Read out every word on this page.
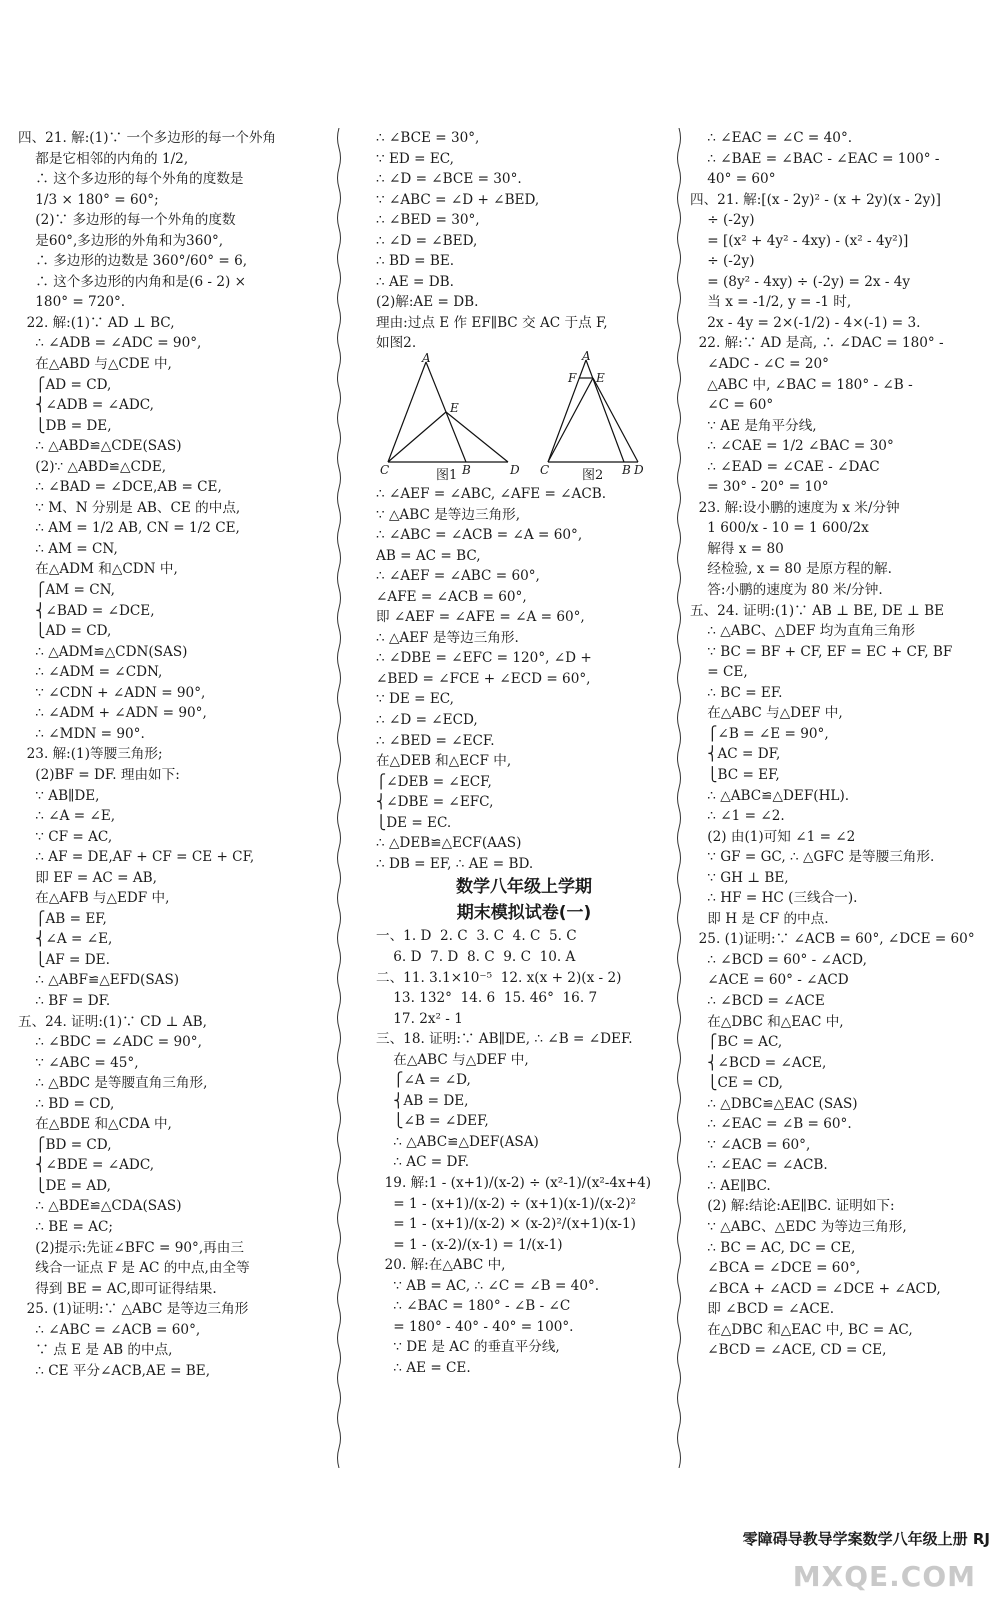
四、21. 解:(1)∵ 一个多边形的每一个外角
都是它相邻的内角的 1/2,
∴ 这个多边形的每个外角的度数是
1/3 × 180° = 60°;
(2)∵ 多边形的每一个外角的度数
是60°,多边形的外角和为360°,
∴ 多边形的边数是 360°/60° = 6,
∴ 这个多边形的内角和是(6 - 2) ×
180° = 720°.
22. 解:(1)∵ AD ⊥ BC,
∴ ∠ADB = ∠ADC = 90°,
在△ABD 与△CDE 中,
⎧AD = CD,
⎨∠ADB = ∠ADC,
⎩DB = DE,
∴ △ABD≌△CDE(SAS)
(2)∵ △ABD≌△CDE,
∴ ∠BAD = ∠DCE,AB = CE,
∵ M、N 分别是 AB、CE 的中点,
∴ AM = 1/2 AB, CN = 1/2 CE,
∴ AM = CN,
在△ADM 和△CDN 中,
⎧AM = CN,
⎨∠BAD = ∠DCE,
⎩AD = CD,
∴ △ADM≌△CDN(SAS)
∴ ∠ADM = ∠CDN,
∵ ∠CDN + ∠ADN = 90°,
∴ ∠ADM + ∠ADN = 90°,
∴ ∠MDN = 90°.
23. 解:(1)等腰三角形;
(2)BF = DF. 理由如下:
∵ AB∥DE,
∴ ∠A = ∠E,
∵ CF = AC,
∴ AF = DE,AF + CF = CE + CF,
即 EF = AC = AB,
在△AFB 与△EDF 中,
⎧AB = EF,
⎨∠A = ∠E,
⎩AF = DE.
∴ △ABF≌△EFD(SAS)
∴ BF = DF.
五、24. 证明:(1)∵ CD ⊥ AB,
∴ ∠BDC = ∠ADC = 90°,
∵ ∠ABC = 45°,
∴ △BDC 是等腰直角三角形,
∴ BD = CD,
在△BDE 和△CDA 中,
⎧BD = CD,
⎨∠BDE = ∠ADC,
⎩DE = AD,
∴ △BDE≌△CDA(SAS)
∴ BE = AC;
(2)提示:先证∠BFC = 90°,再由三
线合一证点 F 是 AC 的中点,由全等
得到 BE = AC,即可证得结果.
25. (1)证明:∵ △ABC 是等边三角形
∴ ∠ABC = ∠ACB = 60°,
∵ 点 E 是 AB 的中点,
∴ CE 平分∠ACB,AE = BE,
∴ ∠BCE = 30°,
∵ ED = EC,
∴ ∠D = ∠BCE = 30°.
∵ ∠ABC = ∠D + ∠BED,
∴ ∠BED = 30°,
∴ ∠D = ∠BED,
∴ BD = BE.
∴ AE = DB.
(2)解:AE = DB.
理由:过点 E 作 EF∥BC 交 AC 于点 F,
如图2.
A
E
C	B	D
图1
A
F E
C	B D
图2
∴ ∠AEF = ∠ABC, ∠AFE = ∠ACB.
∵ △ABC 是等边三角形,
∴ ∠ABC = ∠ACB = ∠A = 60°,
AB = AC = BC,
∴ ∠AEF = ∠ABC = 60°,
∠AFE = ∠ACB = 60°,
即 ∠AEF = ∠AFE = ∠A = 60°,
∴ △AEF 是等边三角形.
∴ ∠DBE = ∠EFC = 120°, ∠D +
∠BED = ∠FCE + ∠ECD = 60°,
∵ DE = EC,
∴ ∠D = ∠ECD,
∴ ∠BED = ∠ECF.
在△DEB 和△ECF 中,
⎧∠DEB = ∠ECF,
⎨∠DBE = ∠EFC,
⎩DE = EC.
∴ △DEB≌△ECF(AAS)
∴ DB = EF, ∴ AE = BD.
数学八年级上学期
期末模拟试卷(一)
一、1. D  2. C  3. C  4. C  5. C
6. D  7. D  8. C  9. C  10. A
二、11. 3.1×10⁻⁵  12. x(x + 2)(x - 2)
13. 132°  14. 6  15. 46°  16. 7
17. 2x² - 1
三、18. 证明:∵ AB∥DE, ∴ ∠B = ∠DEF.
在△ABC 与△DEF 中,
⎧∠A = ∠D,
⎨AB = DE,
⎩∠B = ∠DEF,
∴ △ABC≌△DEF(ASA)
∴ AC = DF.
19. 解:1 - (x+1)/(x-2) ÷ (x²-1)/(x²-4x+4)
= 1 - (x+1)/(x-2) ÷ (x+1)(x-1)/(x-2)²
= 1 - (x+1)/(x-2) × (x-2)²/(x+1)(x-1)
= 1 - (x-2)/(x-1) = 1/(x-1)
20. 解:在△ABC 中,
∵ AB = AC, ∴ ∠C = ∠B = 40°.
∴ ∠BAC = 180° - ∠B - ∠C
= 180° - 40° - 40° = 100°.
∵ DE 是 AC 的垂直平分线,
∴ AE = CE.
∴ ∠EAC = ∠C = 40°.
∴ ∠BAE = ∠BAC - ∠EAC = 100° -
40° = 60°
四、21. 解:[(x - 2y)² - (x + 2y)(x - 2y)]
÷ (-2y)
= [(x² + 4y² - 4xy) - (x² - 4y²)]
÷ (-2y)
= (8y² - 4xy) ÷ (-2y) = 2x - 4y
当 x = -1/2, y = -1 时,
2x - 4y = 2×(-1/2) - 4×(-1) = 3.
22. 解:∵ AD 是高, ∴ ∠DAC = 180° -
∠ADC - ∠C = 20°
△ABC 中, ∠BAC = 180° - ∠B -
∠C = 60°
∵ AE 是角平分线,
∴ ∠CAE = 1/2 ∠BAC = 30°
∴ ∠EAD = ∠CAE - ∠DAC
= 30° - 20° = 10°
23. 解:设小鹏的速度为 x 米/分钟
1 600/x - 10 = 1 600/2x
解得 x = 80
经检验, x = 80 是原方程的解.
答:小鹏的速度为 80 米/分钟.
五、24. 证明:(1)∵ AB ⊥ BE, DE ⊥ BE
∴ △ABC、△DEF 均为直角三角形
∵ BC = BF + CF, EF = EC + CF, BF
= CE,
∴ BC = EF.
在△ABC 与△DEF 中,
⎧∠B = ∠E = 90°,
⎨AC = DF,
⎩BC = EF,
∴ △ABC≌△DEF(HL).
∴ ∠1 = ∠2.
(2) 由(1)可知 ∠1 = ∠2
∵ GF = GC, ∴ △GFC 是等腰三角形.
∵ GH ⊥ BE,
∴ HF = HC (三线合一).
即 H 是 CF 的中点.
25. (1)证明:∵ ∠ACB = 60°, ∠DCE = 60°
∴ ∠BCD = 60° - ∠ACD,
∠ACE = 60° - ∠ACD
∴ ∠BCD = ∠ACE
在△DBC 和△EAC 中,
⎧BC = AC,
⎨∠BCD = ∠ACE,
⎩CE = CD,
∴ △DBC≌△EAC (SAS)
∴ ∠EAC = ∠B = 60°.
∵ ∠ACB = 60°,
∴ ∠EAC = ∠ACB.
∴ AE∥BC.
(2) 解:结论:AE∥BC. 证明如下:
∵ △ABC、△EDC 为等边三角形,
∴ BC = AC, DC = CE,
∠BCA = ∠DCE = 60°,
∠BCA + ∠ACD = ∠DCE + ∠ACD,
即 ∠BCD = ∠ACE.
在△DBC 和△EAC 中, BC = AC,
∠BCD = ∠ACE, CD = CE,
零障碍导教导学案数学八年级上册 RJ
MXQE.COM
